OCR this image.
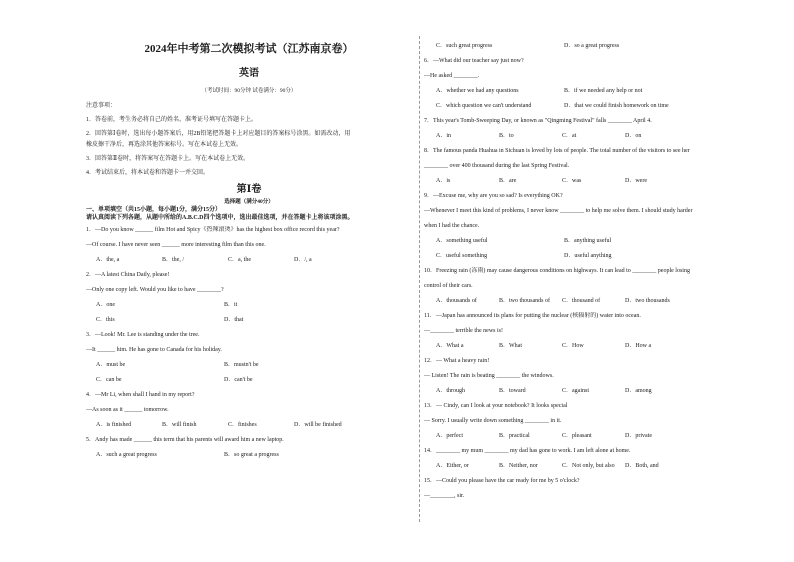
2024年中考第二次模拟考试（江苏南京卷）
英语
（考试时间：90分钟 试卷满分：90分）
注意事项：
1．答卷前，考生务必将自己的姓名、准考证号填写在答题卡上。
2．回答第Ⅰ卷时，选出每小题答案后，用2B铅笔把答题卡上对应题目的答案标号涂黑。如需改动，用
橡皮擦干净后，再选涂其他答案标号。写在本试卷上无效。
3．回答第Ⅱ卷时，将答案写在答题卡上。写在本试卷上无效。
4．考试结束后，将本试卷和答题卡一并交回。
第Ⅰ卷
选择题（满分40分）
一、单项填空（共15小题，每小题1分，满分15分）
请认真阅读下列各题，从题中所给的A.B.C.D四个选项中，选出最佳选项，并在答题卡上将该项涂黑。
1．—Do you know ______ film Hot and Spicy《热辣滚烫》has the highest box office record this year?
—Of course. I have never seen ______ more interesting film than this one.
A．the, a	B．the, /	C．a, the	D．/, a
2．—A latest China Daily, please!
—Only one copy left. Would you like to have ________?
A．one	B．it
C．this	D．that
3．—Look! Mr. Lee is standing under the tree.
—It ______ him. He has gone to Canada for his holiday.
A．must be	B．mustn't be
C．can be	D．can't be
4．—Mr Li, when shall I hand in my report?
—As soon as it ______ tomorrow.
A．is finished	B．will finish	C．finishes	D．will be finished
5．Andy has made ______ this term that his parents will award him a new laptop.
A．such a great progress	B．so great a progress
C．such great progress	D．so a great progress
6．—What did our teacher say just now?
—He asked ________.
A．whether we had any questions	B．if we needed any help or not
C．which question we can't understand	D．that we could finish homework on time
7．This year's Tomb-Sweeping Day, or known as "Qingming Festival" falls ________ April 4.
A．in	B．to	C．at	D．on
8．The famous panda Huahua in Sichuan is loved by lots of people. The total number of the visitors to see her
________ over 400 thousand during the last Spring Festival.
A．is	B．are	C．was	D．were
9．—Excuse me, why are you so sad? Is everything OK?
—Whenever I meet this kind of problems, I never know ________ to help me solve them. I should study harder
when I had the chance.
A．something useful	B．anything useful
C．useful something	D．useful anything
10．Freezing rain (冻雨) may cause dangerous conditions on highways. It can lead to ________ people losing
control of their cars.
A．thousands of	B．two thousands of	C．thousand of	D．two thousands
11．—Japan has announced its plans for putting the nuclear (核辐射的) water into ocean.
—________ terrible the news is!
A．What a	B．What	C．How	D．How a
12．— What a heavy rain!
— Listen! The rain is beating ________ the windows.
A．through	B．toward	C．against	D．among
13．— Cindy, can I look at your notebook? It looks special
— Sorry. I usually write down something ________ in it.
A．perfect	B．practical	C．pleasant	D．private
14．________ my mum ________ my dad has gone to work. I am left alone at home.
A．Either, or	B．Neither, nor	C．Not only, but also	D．Both, and
15．—Could you please have the car ready for me by 5 o'clock?
—________, sir.
